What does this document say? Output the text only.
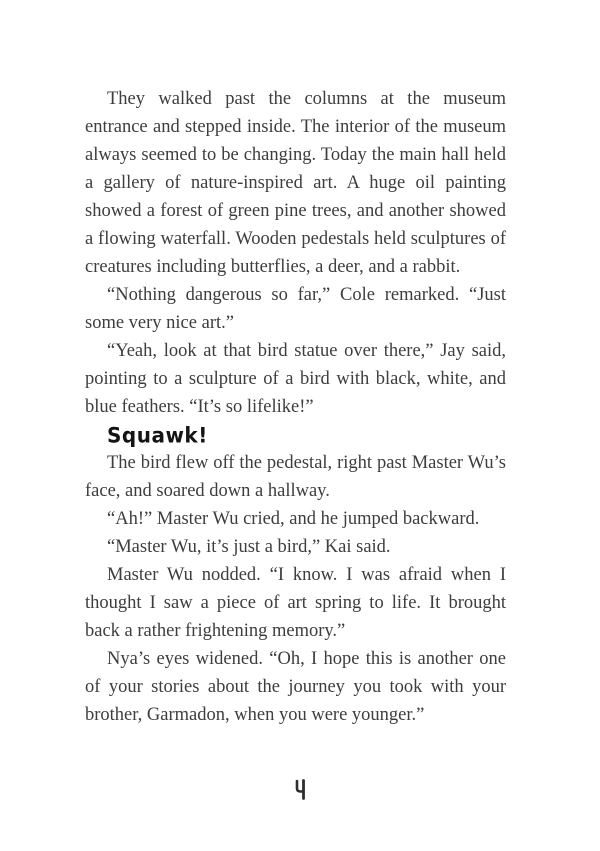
They walked past the columns at the museum entrance and stepped inside. The interior of the museum always seemed to be changing. Today the main hall held a gallery of nature-inspired art. A huge oil painting showed a forest of green pine trees, and another showed a flowing waterfall. Wooden pedestals held sculptures of creatures including butterflies, a deer, and a rabbit.

“Nothing dangerous so far,” Cole remarked. “Just some very nice art.”

“Yeah, look at that bird statue over there,” Jay said, pointing to a sculpture of a bird with black, white, and blue feathers. “It’s so lifelike!”

Squawk!

The bird flew off the pedestal, right past Master Wu’s face, and soared down a hallway.

“Ah!” Master Wu cried, and he jumped backward.

“Master Wu, it’s just a bird,” Kai said.

Master Wu nodded. “I know. I was afraid when I thought I saw a piece of art spring to life. It brought back a rather frightening memory.”

Nya’s eyes widened. “Oh, I hope this is another one of your stories about the journey you took with your brother, Garmadon, when you were younger.”
